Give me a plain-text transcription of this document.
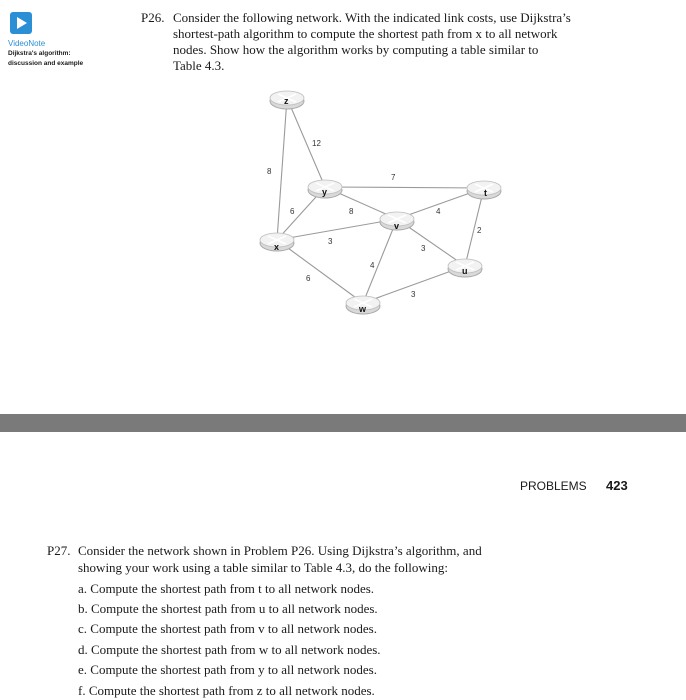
VideoNote
Dijkstra's algorithm:
discussion and example
P26. Consider the following network. With the indicated link costs, use Dijkstra’s
shortest-path algorithm to compute the shortest path from x to all network
nodes. Show how the algorithm works by computing a table similar to
Table 4.3.
12
8
7
8
6
3
6
4
4
3
2
3
z
y	t
v
x
u
w
PROBLEMS 423
P27. Consider the network shown in Problem P26. Using Dijkstra’s algorithm, and
showing your work using a table similar to Table 4.3, do the following:
a. Compute the shortest path from t to all network nodes.
b. Compute the shortest path from u to all network nodes.
c. Compute the shortest path from v to all network nodes.
d. Compute the shortest path from w to all network nodes.
e. Compute the shortest path from y to all network nodes.
f. Compute the shortest path from z to all network nodes.
